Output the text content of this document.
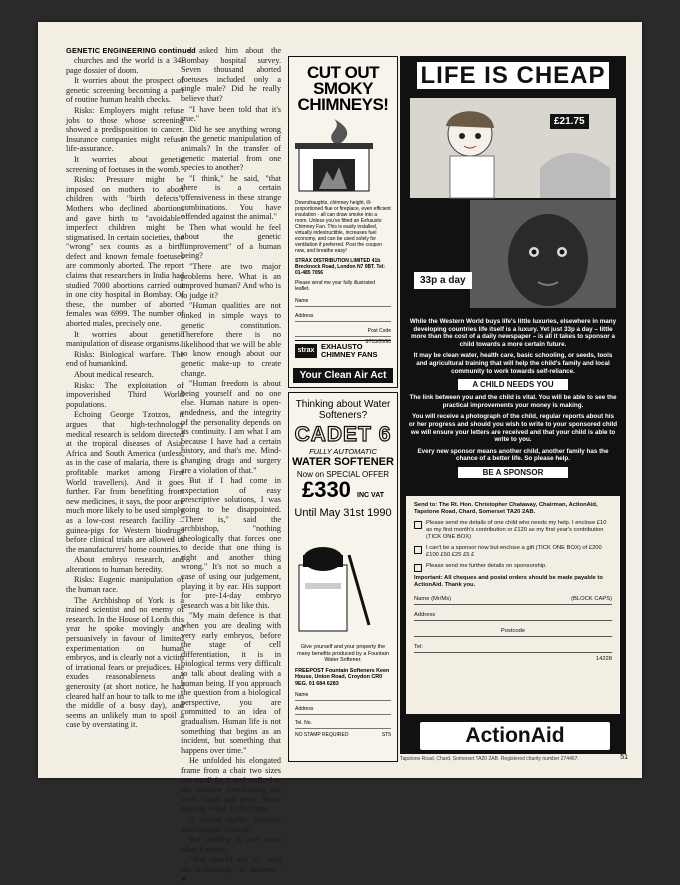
GENETIC ENGINEERING continued

churches and the world is a 34-page dossier of doom.

It worries about the prospect of genetic screening becoming a part of routine human health checks.

Risks: Employers might refuse jobs to those whose screening showed a predisposition to cancer. Insurance companies might refuse life-assurance.

It worries about genetic screening of foetuses in the womb.

Risks: Pressure might be imposed on mothers to abort children with "birth defects". Mothers who declined abortions and gave birth to "avoidable" imperfect children might be stigmatised. In certain societies, the "wrong" sex counts as a birth defect and known female foetuses are commonly aborted. The report claims that researchers in India had studied 7000 abortions carried out in one city hospital in Bombay. Of these, the number of aborted females was 6999. The number of aborted males, precisely one.

It worries about genetic manipulation of disease organisms.

Risks: Biological warfare. The end of humankind.

About medical research.

Risks: The exploitation of impoverished Third World populations.

Echoing George Tzotzos, it argues that high-technology medical research is seldom directed at the tropical diseases of Asia, Africa and South America (unless, as in the case of malaria, there is a profitable market among First World travellers). And it goes further. Far from benefiting from new medicines, it says, the poor are much more likely to be used simply as a low-cost research facility – guinea-pigs for Western biodrugs before clinical trials are allowed in the manufacturers' home countries.

About embryo research, and alterations to human heredity.

Risks: Eugenic manipulation of the human race.

The Archbishop of York is a trained scientist and no enemy of research. In the House of Lords this year he spoke movingly and persuasively in favour of limited experimentation on human embryos, and is clearly not a victim of irrational fears or prejudices. He exudes reasonableness and generosity (at short notice, he had cleared half an hour to talk to me in the middle of a busy day), and seems an unlikely man to spoil a case by overstating it.

I asked him about the Bombay hospital survey. Seven thousand aborted foetuses included only a single male? Did he really believe that?

"I have been told that it's true."

Did he see anything wrong in the genetic manipulation of animals? In the transfer of genetic material from one species to another?

"I think," he said, "that there is a certain offensiveness in these strange combinations. You have offended against the animal."

Then what would he feel about the genetic "improvement" of a human being?

"There are two major problems here. What is an improved human? And who is to judge it?

"Human qualities are not linked in simple ways to genetic constitution. Therefore there is no likelihood that we will be able to know enough about our genetic make-up to create change.

"Human freedom is about being yourself and no one else. Human nature is open-endedness, and the integrity of the personality depends on its continuity. I am what I am because I have had a certain history, and that's me. Mind-changing drugs and surgery are a violation of that."

But if I had come in expectation of easy prescriptive solutions, I was going to be disappointed. "There is," said the archbishop, "nothing theologically that forces one to decide that one thing is right and another thing wrong." It's not so much a case of using our judgement, playing it by ear. His support for pre-14-day embryo research was a bit like this.

"My main defence is that when you are dealing with very early embryos, before the stage of cell differentiation, it is in biological terms very difficult to talk about dealing with a human being. If you approach the question from a biological perspective, you are committed to an idea of gradualism. Human life is not something that begins as an incident, but something that happens over time."

He unfolded his elongated frame from a chair two sizes too small for it and walked to the window overlooking the river Grass and trees. Slow-moving water. Reflections.

It looked idyllic, timeless and tranquil. Natural.

But nothing is ever quite what it seems.

"You should see it," said the archbishop, "in summer." ●

CUT OUT SMOKY CHIMNEYS!
Downdraughts, chimney height, ill-proportioned flue or fireplace, even efficient insulation - all can draw smoke into a room. Unless you've fitted an Exhausto Chimney Fan. This is easily installed, virtually indestructible, increases fuel economy, and can be used solely for ventilation if preferred. Post the coupon now, and breathe easy!
STRAX DISTRIBUTION LIMITED 41b Brecknock Road, London N7 0BT. Tel: 01-485 7056
Please send me your fully illustrated leaflet.
Name
Address
Post Code
ST13/05/90
strax EXHAUSTO CHIMNEY FANS
Your Clean Air Act
Thinking about Water Softeners?
CADET 6
FULLY AUTOMATIC
WATER SOFTENER
Now on SPECIAL OFFER
£330 INC VAT
Until May 31st 1990
Give yourself and your property the many benefits produced by a Fountain Water Softener.
FREEPOST Fountain Softeners Keen House, Union Road, Croydon CR0 9EG. 01 684 6283
Name
Address
Tel. No.
NO STAMP REQUIRED	ST5
LIFE IS CHEAP
£21.75
33p a day

While the Western World buys life's little luxuries, elsewhere in many developing countries life itself is a luxury. Yet just 33p a day – little more than the cost of a daily newspaper – is all it takes to sponsor a child towards a more certain future.

It may be clean water, health care, basic schooling, or seeds, tools and agricultural training that will help the child's family and local community to work towards self-reliance.

A CHILD NEEDS YOU

The link between you and the child is vital. You will be able to see the practical improvements your money is making.

You will receive a photograph of the child, regular reports about his or her progress and should you wish to write to your sponsored child we will ensure your letters are received and that your child is able to write to you.

Every new sponsor means another child, another family has the chance of a better life. So please help.

BE A SPONSOR
Send to: The Rt. Hon. Christopher Chataway, Chairman, ActionAid, Tapstone Road, Chard, Somerset TA20 2AB.
Please send me details of one child who needs my help. I enclose £10 as my first month's contribution or £120 as my first year's contribution (TICK ONE BOX)
I can't be a sponsor now but enclose a gift (TICK ONE BOX) of £200 £100 £50 £25 £5 £
Please send me further details on sponsorship.
Important: All cheques and postal orders should be made payable to ActionAid. Thank you.
Name (Mr/Ms)	(BLOCK CAPS)
Address
Postcode
Tel:
14228
ActionAid
Tapstone Road, Chard, Somerset TA20 2AB. Registered charity number 274467.	51
